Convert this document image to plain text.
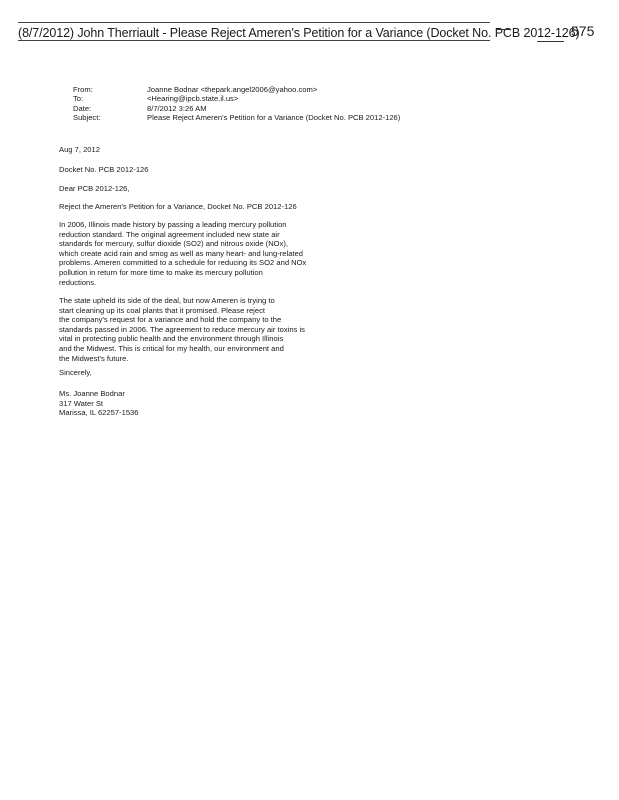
(8/7/2012) John Therriault - Please Reject Ameren's Petition for a Variance (Docket No. PCB 2012-126)
575
From:	Joanne Bodnar <thepark.angel2006@yahoo.com>
To:	<Hearing@ipcb.state.il.us>
Date:	8/7/2012 3:26 AM
Subject:	Please Reject Ameren's Petition for a Variance (Docket No. PCB 2012-126)
Aug 7, 2012
Docket No. PCB 2012-126
Dear PCB 2012-126,
Reject the Ameren's Petition for a Variance, Docket No. PCB 2012-126
In 2006, Illinois made history by passing a leading mercury pollution
reduction standard. The original agreement included new state air
standards for mercury, sulfur dioxide (SO2) and nitrous oxide (NOx),
which create acid rain and smog as well as many heart- and lung-related
problems. Ameren committed to a schedule for reducing its SO2 and NOx
pollution in return for more time to make its mercury pollution
reductions.
The state upheld its side of the deal, but now Ameren is trying to
start cleaning up its coal plants that it promised. Please reject
the company's request for a variance and hold the company to the
standards passed in 2006. The agreement to reduce mercury air toxins is
vital in protecting public health and the environment through Illinois
and the Midwest. This is critical for my health, our environment and
the Midwest's future.
Sincerely,
Ms. Joanne Bodnar
317 Water St
Marissa, IL 62257-1536
